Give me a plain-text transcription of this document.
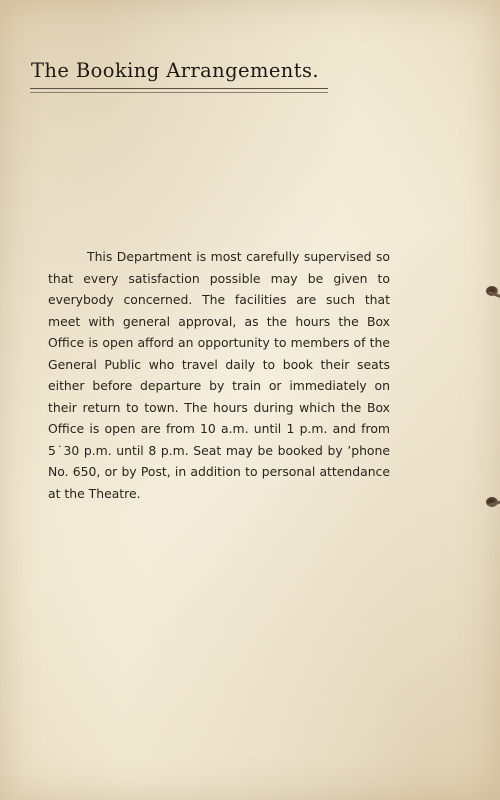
The Booking Arrangements.

This Department is most carefully supervised so that every satisfaction possible may be given to everybody concerned. The facilities are such that meet with general approval, as the hours the Box Office is open afford an opportunity to members of the General Public who travel daily to book their seats either before departure by train or immediately on their return to town. The hours during which the Box Office is open are from 10 a.m. until 1 p.m. and from 5˙30 p.m. until 8 p.m. Seat may be booked by ’phone No. 650, or by Post, in addition to personal attendance at the Theatre.
